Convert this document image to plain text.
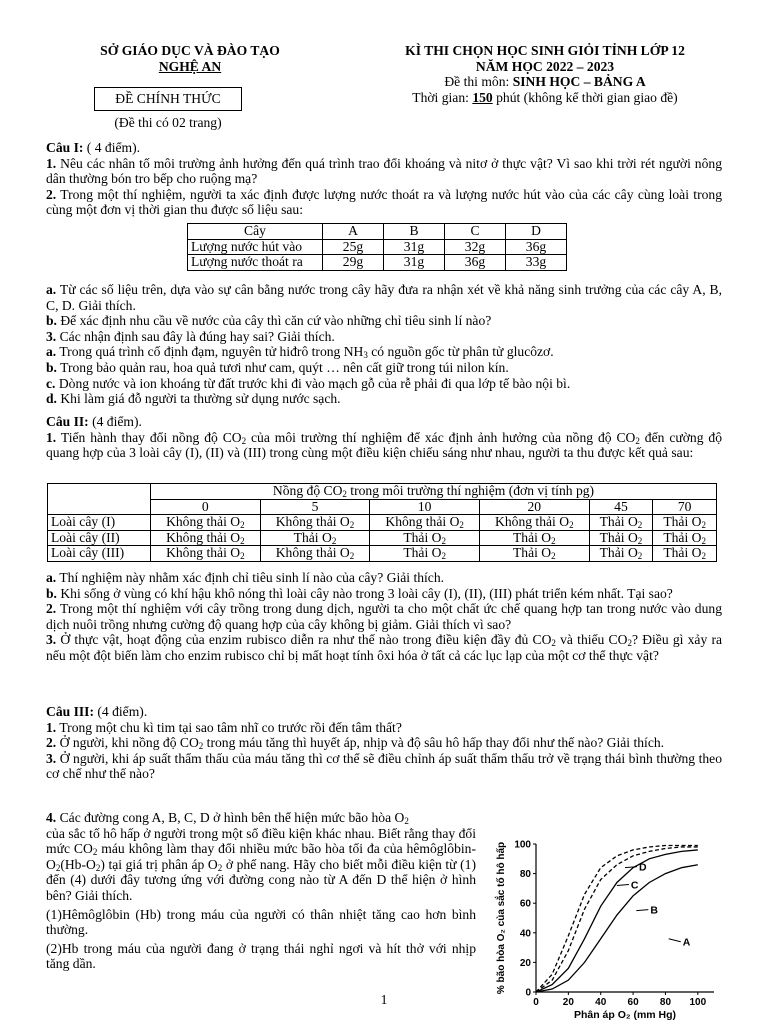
SỞ GIÁO DỤC VÀ ĐÀO TẠO
NGHỆ AN
ĐỀ CHÍNH THỨC
(Đề thi có 02 trang)
KÌ THI CHỌN HỌC SINH GIỎI TỈNH LỚP 12
NĂM HỌC 2022 – 2023
Đề thi môn: SINH HỌC – BẢNG A
Thời gian: 150 phút (không kể thời gian giao đề)

Câu I: ( 4 điểm).

1. Nêu các nhân tố môi trường ảnh hưởng đến quá trình trao đổi khoáng và nitơ ở thực vật? Vì sao khi trời rét người nông dân thường bón tro bếp cho ruộng mạ?

2. Trong một thí nghiệm, người ta xác định được lượng nước thoát ra và lượng nước hút vào của các cây cùng loài trong cùng một đơn vị thời gian thu được số liệu sau:

Cây	A	B	C	D
Lượng nước hút vào	25g	31g	32g	36g
Lượng nước thoát ra	29g	31g	36g	33g

a. Từ các số liệu trên, dựa vào sự cân bằng nước trong cây hãy đưa ra nhận xét về khả năng sinh trưởng của các cây A, B, C, D. Giải thích.

b. Để xác định nhu cầu về nước của cây thì căn cứ vào những chỉ tiêu sinh lí nào?

3. Các nhận định sau đây là đúng hay sai? Giải thích.

a. Trong quá trình cố định đạm, nguyên tử hiđrô trong $NH_3$ có nguồn gốc từ phân tử glucôzơ.

b. Trong bảo quản rau, hoa quả tươi như cam, quýt … nên cất giữ trong túi nilon kín.

c. Dòng nước và ion khoáng từ đất trước khi đi vào mạch gỗ của rễ phải đi qua lớp tế bào nội bì.

d. Khi làm giá đỗ người ta thường sử dụng nước sạch.

Câu II: (4 điểm).

1. Tiến hành thay đổi nồng độ $CO_2$ của môi trường thí nghiệm để xác định ảnh hưởng của nồng độ $CO_2$ đến cường độ quang hợp của 3 loài cây (I), (II) và (III) trong cùng một điều kiện chiếu sáng như nhau, người ta thu được kết quả sau:

	Nồng độ $CO_2$ trong môi trường thí nghiệm (đơn vị tính pg)					
	0	5	10	20	45	70
Loài cây (I)	Không thải $O_2$	Không thải $O_2$	Không thải $O_2$	Không thải $O_2$	Thải $O_2$	Thải $O_2$
Loài cây (II)	Không thải $O_2$	Thải $O_2$	Thải $O_2$	Thải $O_2$	Thải $O_2$	Thải $O_2$
Loài cây (III)	Không thải $O_2$	Không thải $O_2$	Thải $O_2$	Thải $O_2$	Thải $O_2$	Thải $O_2$

a. Thí nghiệm này nhằm xác định chỉ tiêu sinh lí nào của cây? Giải thích.

b. Khi sống ở vùng có khí hậu khô nóng thì loài cây nào trong 3 loài cây (I), (II), (III) phát triển kém nhất. Tại sao?

2. Trong một thí nghiệm với cây trồng trong dung dịch, người ta cho một chất ức chế quang hợp tan trong nước vào dung dịch nuôi trồng nhưng cường độ quang hợp của cây không bị giảm. Giải thích vì sao?

3. Ở thực vật, hoạt động của enzim rubisco diễn ra như thế nào trong điều kiện đầy đủ $CO_2$ và thiếu $CO_2$? Điều gì xảy ra nếu một đột biến làm cho enzim rubisco chỉ bị mất hoạt tính ôxi hóa ở tất cả các lục lạp của một cơ thể thực vật?

Câu III: (4 điểm).

1. Trong một chu kì tim tại sao tâm nhĩ co trước rồi đến tâm thất?

2. Ở người, khi nồng độ $CO_2$ trong máu tăng thì huyết áp, nhịp và độ sâu hô hấp thay đổi như thế nào? Giải thích.

3. Ở người, khi áp suất thẩm thấu của máu tăng thì cơ thể sẽ điều chỉnh áp suất thẩm thấu trở về trạng thái bình thường theo cơ chế như thế nào?

4. Các đường cong A, B, C, D ở hình bên thể hiện mức bão hòa $O_2$

của sắc tố hô hấp ở người trong một số điều kiện khác nhau. Biết rằng thay đổi mức $CO_2$ máu không làm thay đổi nhiều mức bão hòa tối đa của hêmôglôbin-$O_2(Hb-O_2)$ tại giá trị phân áp $O_2$ ở phế nang. Hãy cho biết mỗi điều kiện từ (1) đến (4) dưới đây tương ứng với đường cong nào từ A đến D thể hiện ở hình bên? Giải thích.

(1)Hêmôglôbin (Hb) trong máu của người có thân nhiệt tăng cao hơn bình thường.

(2)Hb trong máu của người đang ở trạng thái nghỉ ngơi và hít thở với nhịp tăng dần.

0
20
40
60
80
100
0 20 40 60 80 100
Phân áp O₂ (mm Hg)
% bão hòa O₂ của sắc tố hô hấp	A
B
C
D
1
